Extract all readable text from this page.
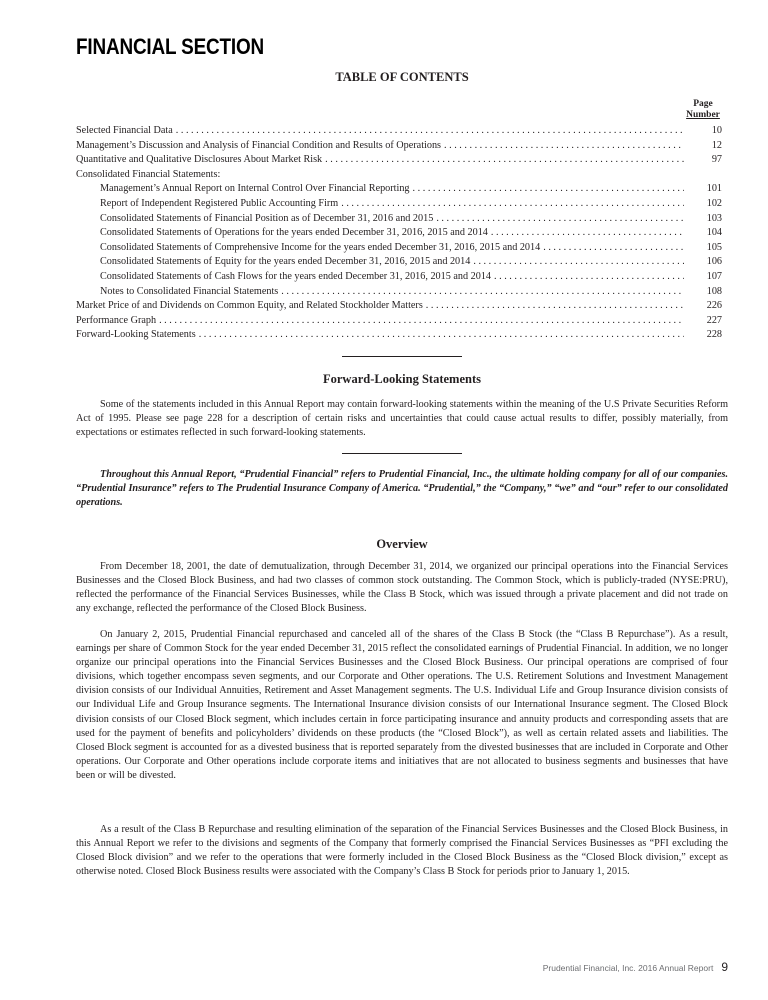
FINANCIAL SECTION
TABLE OF CONTENTS
Page
Number
Selected Financial Data . . .	10
Management’s Discussion and Analysis of Financial Condition and Results of Operations . . .	12
Quantitative and Qualitative Disclosures About Market Risk . . .	97
Consolidated Financial Statements:
Management’s Annual Report on Internal Control Over Financial Reporting . . .	101
Report of Independent Registered Public Accounting Firm . . .	102
Consolidated Statements of Financial Position as of December 31, 2016 and 2015 . . .	103
Consolidated Statements of Operations for the years ended December 31, 2016, 2015 and 2014 . . .	104
Consolidated Statements of Comprehensive Income for the years ended December 31, 2016, 2015 and 2014 . . .	105
Consolidated Statements of Equity for the years ended December 31, 2016, 2015 and 2014 . . .	106
Consolidated Statements of Cash Flows for the years ended December 31, 2016, 2015 and 2014 . . .	107
Notes to Consolidated Financial Statements . . .	108
Market Price of and Dividends on Common Equity, and Related Stockholder Matters . . .	226
Performance Graph . . .	227
Forward-Looking Statements . . .	228
Forward-Looking Statements

Some of the statements included in this Annual Report may contain forward-looking statements within the meaning of the U.S Private Securities Reform Act of 1995. Please see page 228 for a description of certain risks and uncertainties that could cause actual results to differ, possibly materially, from expectations or estimates reflected in such forward-looking statements.

Throughout this Annual Report, “Prudential Financial” refers to Prudential Financial, Inc., the ultimate holding company for all of our companies. “Prudential Insurance” refers to The Prudential Insurance Company of America. “Prudential,” the “Company,” “we” and “our” refer to our consolidated operations.

Overview

From December 18, 2001, the date of demutualization, through December 31, 2014, we organized our principal operations into the Financial Services Businesses and the Closed Block Business, and had two classes of common stock outstanding. The Common Stock, which is publicly-traded (NYSE:PRU), reflected the performance of the Financial Services Businesses, while the Class B Stock, which was issued through a private placement and did not trade on any exchange, reflected the performance of the Closed Block Business.

On January 2, 2015, Prudential Financial repurchased and canceled all of the shares of the Class B Stock (the “Class B Repurchase”). As a result, earnings per share of Common Stock for the year ended December 31, 2015 reflect the consolidated earnings of Prudential Financial. In addition, we no longer organize our principal operations into the Financial Services Businesses and the Closed Block Business. Our principal operations are comprised of four divisions, which together encompass seven segments, and our Corporate and Other operations. The U.S. Retirement Solutions and Investment Management division consists of our Individual Annuities, Retirement and Asset Management segments. The U.S. Individual Life and Group Insurance division consists of our Individual Life and Group Insurance segments. The International Insurance division consists of our International Insurance segment. The Closed Block division consists of our Closed Block segment, which includes certain in force participating insurance and annuity products and corresponding assets that are used for the payment of benefits and policyholders’ dividends on these products (the “Closed Block”), as well as certain related assets and liabilities. The Closed Block segment is accounted for as a divested business that is reported separately from the divested businesses that are included in Corporate and Other operations. Our Corporate and Other operations include corporate items and initiatives that are not allocated to business segments and businesses that have been or will be divested.

As a result of the Class B Repurchase and resulting elimination of the separation of the Financial Services Businesses and the Closed Block Business, in this Annual Report we refer to the divisions and segments of the Company that formerly comprised the Financial Services Businesses as “PFI excluding the Closed Block division” and we refer to the operations that were formerly included in the Closed Block Business as the “Closed Block division,” except as otherwise noted. Closed Block Business results were associated with the Company’s Class B Stock for periods prior to January 1, 2015.

Prudential Financial, Inc. 2016 Annual Report 9
